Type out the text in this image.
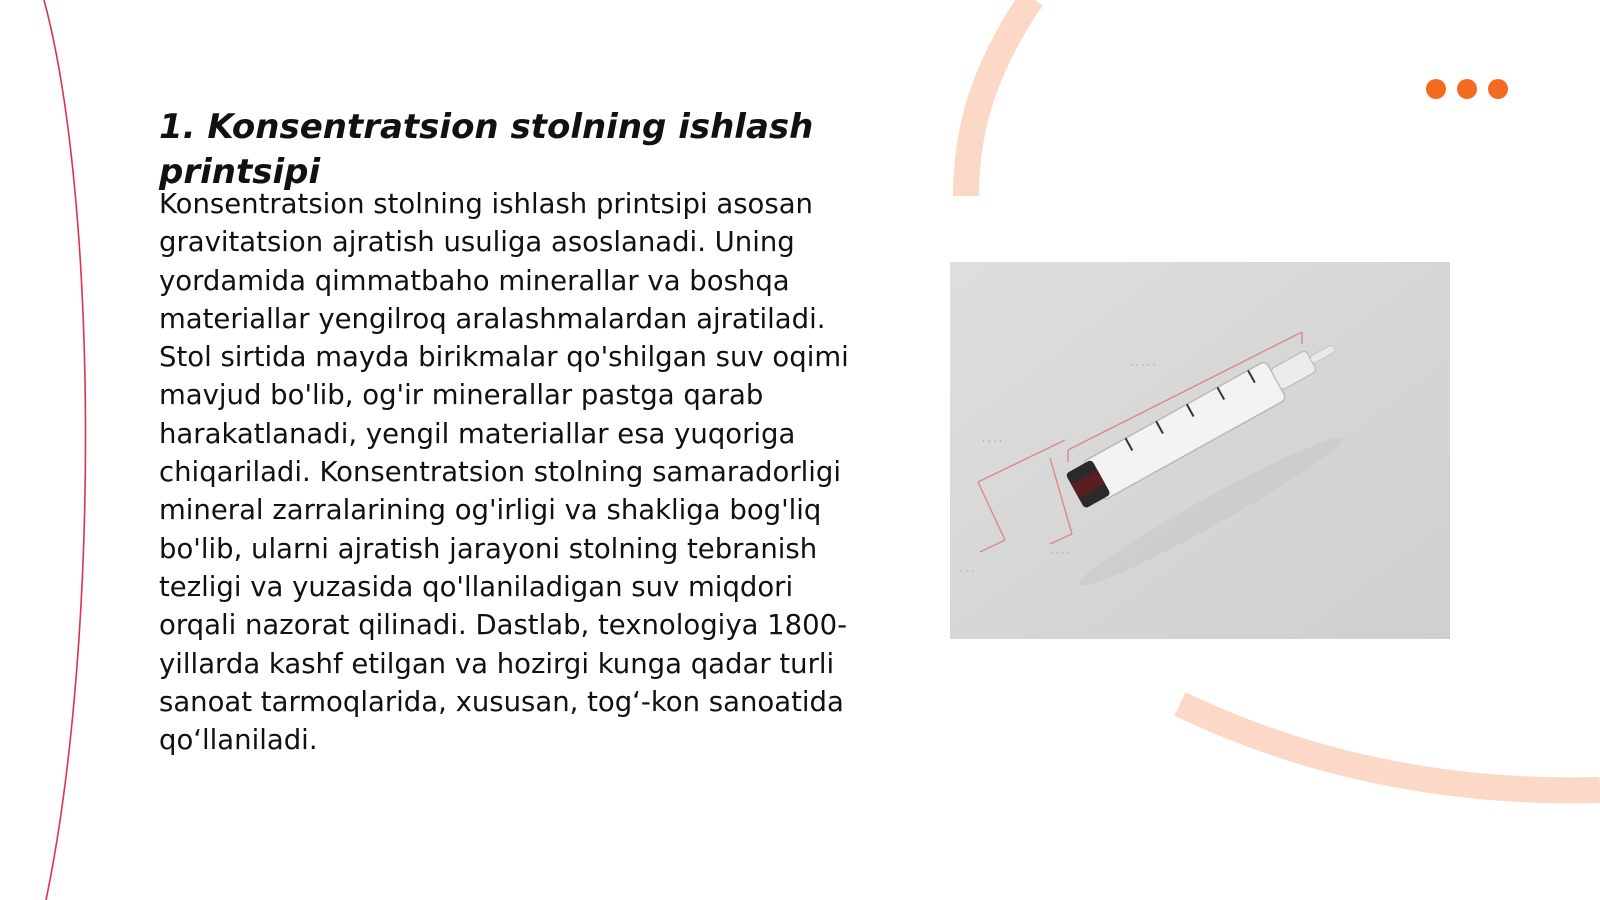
1. Konsentratsion stolning ishlash printsipi

Konsentratsion stolning ishlash printsipi asosan gravitatsion ajratish usuliga asoslanadi. Uning yordamida qimmatbaho minerallar va boshqa materiallar yengilroq aralashmalardan ajratiladi. Stol sirtida mayda birikmalar qo'shilgan suv oqimi mavjud bo'lib, og'ir minerallar pastga qarab harakatlanadi, yengil materiallar esa yuqoriga chiqariladi. Konsentratsion stolning samaradorligi mineral zarralarining og'irligi va shakliga bog'liq bo'lib, ularni ajratish jarayoni stolning tebranish tezligi va yuzasida qo'llaniladigan suv miqdori orqali nazorat qilinadi. Dastlab, texnologiya 1800-yillarda kashf etilgan va hozirgi kunga qadar turli sanoat tarmoqlarida, xususan, tog‘-kon sanoatida qo‘llaniladi.

· · · · ·
· · · ·
· · · ·
· · ·
